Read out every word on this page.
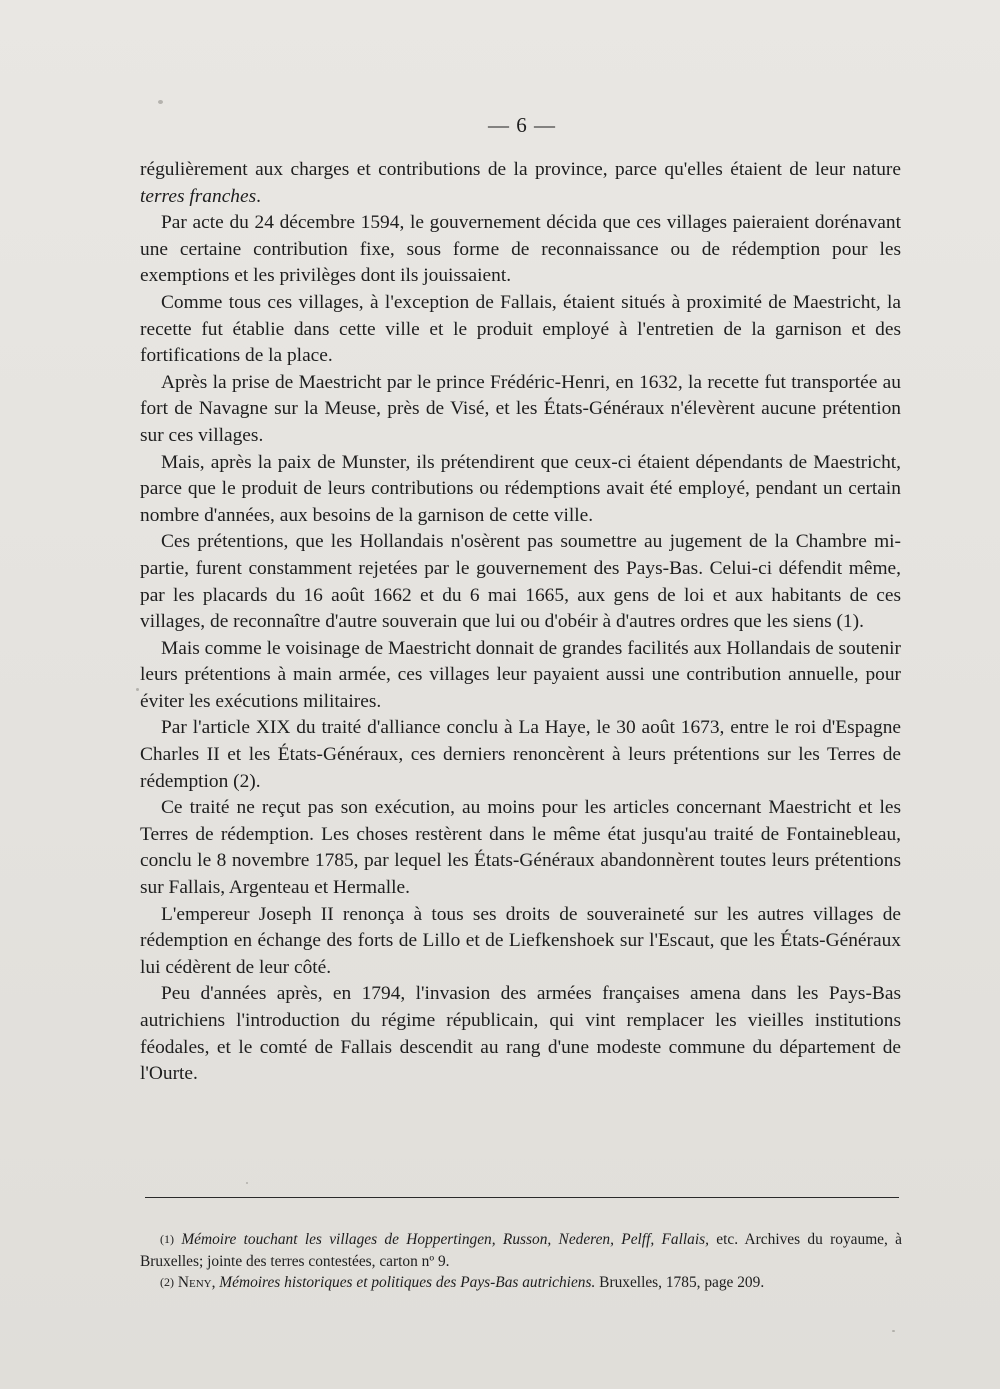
— 6 —

régulièrement aux charges et contributions de la province, parce qu'elles étaient de leur nature terres franches.

Par acte du 24 décembre 1594, le gouvernement décida que ces villages paieraient dorénavant une certaine contribution fixe, sous forme de reconnaissance ou de rédemption pour les exemptions et les privilèges dont ils jouissaient.

Comme tous ces villages, à l'exception de Fallais, étaient situés à proximité de Maestricht, la recette fut établie dans cette ville et le produit employé à l'entretien de la garnison et des fortifications de la place.

Après la prise de Maestricht par le prince Frédéric-Henri, en 1632, la recette fut transportée au fort de Navagne sur la Meuse, près de Visé, et les États-Généraux n'élevèrent aucune prétention sur ces villages.

Mais, après la paix de Munster, ils prétendirent que ceux-ci étaient dépendants de Maestricht, parce que le produit de leurs contributions ou rédemptions avait été employé, pendant un certain nombre d'années, aux besoins de la garnison de cette ville.

Ces prétentions, que les Hollandais n'osèrent pas soumettre au jugement de la Chambre mi-partie, furent constamment rejetées par le gouvernement des Pays-Bas. Celui-ci défendit même, par les placards du 16 août 1662 et du 6 mai 1665, aux gens de loi et aux habitants de ces villages, de reconnaître d'autre souverain que lui ou d'obéir à d'autres ordres que les siens (1).

Mais comme le voisinage de Maestricht donnait de grandes facilités aux Hollandais de soutenir leurs prétentions à main armée, ces villages leur payaient aussi une contribution annuelle, pour éviter les exécutions militaires.

Par l'article XIX du traité d'alliance conclu à La Haye, le 30 août 1673, entre le roi d'Espagne Charles II et les États-Généraux, ces derniers renoncèrent à leurs prétentions sur les Terres de rédemption (2).

Ce traité ne reçut pas son exécution, au moins pour les articles concernant Maestricht et les Terres de rédemption. Les choses restèrent dans le même état jusqu'au traité de Fontainebleau, conclu le 8 novembre 1785, par lequel les États-Généraux abandonnèrent toutes leurs prétentions sur Fallais, Argenteau et Hermalle.

L'empereur Joseph II renonça à tous ses droits de souveraineté sur les autres villages de rédemption en échange des forts de Lillo et de Liefkenshoek sur l'Escaut, que les États-Généraux lui cédèrent de leur côté.

Peu d'années après, en 1794, l'invasion des armées françaises amena dans les Pays-Bas autrichiens l'introduction du régime républicain, qui vint remplacer les vieilles institutions féodales, et le comté de Fallais descendit au rang d'une modeste commune du département de l'Ourte.

(1) Mémoire touchant les villages de Hoppertingen, Russon, Nederen, Pelff, Fallais, etc. Archives du royaume, à Bruxelles; jointe des terres contestées, carton nº 9.

(2) Neny, Mémoires historiques et politiques des Pays-Bas autrichiens. Bruxelles, 1785, page 209.
